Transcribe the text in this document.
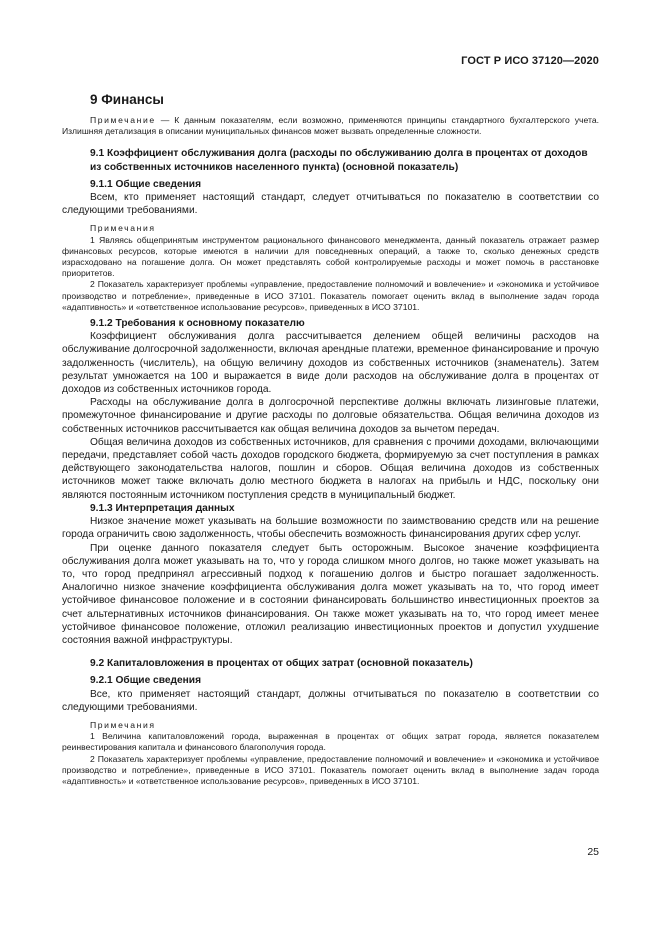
ГОСТ Р ИСО 37120—2020
9 Финансы

Примечание — К данным показателям, если возможно, применяются принципы стандартного бухгалтерского учета. Излишняя детализация в описании муниципальных финансов может вызвать определенные сложности.

9.1 Коэффициент обслуживания долга (расходы по обслуживанию долга в процентах от доходов из собственных источников населенного пункта) (основной показатель)

9.1.1 Общие сведения

Всем, кто применяет настоящий стандарт, следует отчитываться по показателю в соответствии со следующими требованиями.

Примечания

1 Являясь общепринятым инструментом рационального финансового менеджмента, данный показатель отражает размер финансовых ресурсов, которые имеются в наличии для повседневных операций, а также то, сколько денежных средств израсходовано на погашение долга. Он может представлять собой контролируемые расходы и может помочь в расстановке приоритетов.

2 Показатель характеризует проблемы «управление, предоставление полномочий и вовлечение» и «экономика и устойчивое производство и потребление», приведенные в ИСО 37101. Показатель помогает оценить вклад в выполнение задач города «адаптивность» и «ответственное использование ресурсов», приведенных в ИСО 37101.

9.1.2 Требования к основному показателю

Коэффициент обслуживания долга рассчитывается делением общей величины расходов на обслуживание долгосрочной задолженности, включая арендные платежи, временное финансирование и прочую задолженность (числитель), на общую величину доходов из собственных источников (знаменатель). Затем результат умножается на 100 и выражается в виде доли расходов на обслуживание долга в процентах от доходов из собственных источников города.

Расходы на обслуживание долга в долгосрочной перспективе должны включать лизинговые платежи, промежуточное финансирование и другие расходы по долговые обязательства. Общая величина доходов из собственных источников рассчитывается как общая величина доходов за вычетом передач.

Общая величина доходов из собственных источников, для сравнения с прочими доходами, включающими передачи, представляет собой часть доходов городского бюджета, формируемую за счет поступления в рамках действующего законодательства налогов, пошлин и сборов. Общая величина доходов из собственных источников может также включать долю местного бюджета в налогах на прибыль и НДС, поскольку они являются постоянным источником поступления средств в муниципальный бюджет.

9.1.3 Интерпретация данных

Низкое значение может указывать на большие возможности по заимствованию средств или на решение города ограничить свою задолженность, чтобы обеспечить возможность финансирования других сфер услуг.

При оценке данного показателя следует быть осторожным. Высокое значение коэффициента обслуживания долга может указывать на то, что у города слишком много долгов, но также может указывать на то, что город предпринял агрессивный подход к погашению долгов и быстро погашает задолженность. Аналогично низкое значение коэффициента обслуживания долга может указывать на то, что город имеет устойчивое финансовое положение и в состоянии финансировать большинство инвестиционных проектов за счет альтернативных источников финансирования. Он также может указывать на то, что город имеет менее устойчивое финансовое положение, отложил реализацию инвестиционных проектов и допустил ухудшение состояния важной инфраструктуры.

9.2 Капиталовложения в процентах от общих затрат (основной показатель)

9.2.1 Общие сведения

Все, кто применяет настоящий стандарт, должны отчитываться по показателю в соответствии со следующими требованиями.

Примечания

1 Величина капиталовложений города, выраженная в процентах от общих затрат города, является показателем реинвестирования капитала и финансового благополучия города.

2 Показатель характеризует проблемы «управление, предоставление полномочий и вовлечение» и «экономика и устойчивое производство и потребление», приведенные в ИСО 37101. Показатель помогает оценить вклад в выполнение задач города «адаптивность» и «ответственное использование ресурсов», приведенных в ИСО 37101.

25
